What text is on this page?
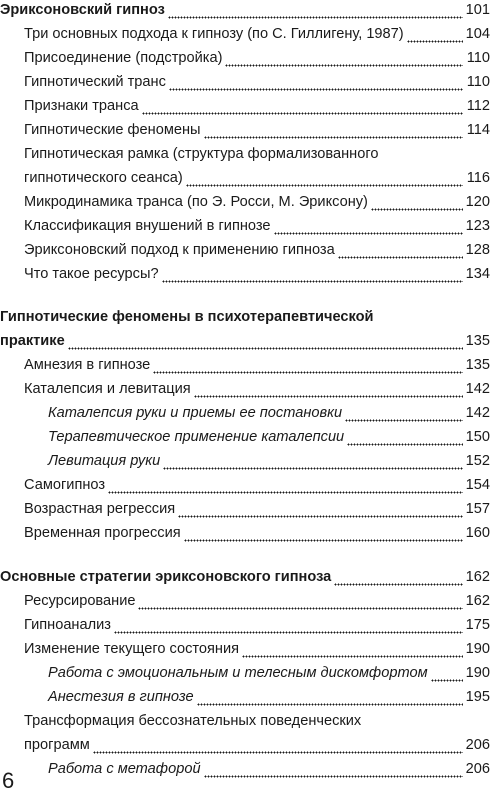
Эриксоновский гипноз	101
Три основных подхода к гипнозу (по С. Гиллигену, 1987)	104
Присоединение (подстройка)	110
Гипнотический транс	110
Признаки транса	112
Гипнотические феномены	114
Гипнотическая рамка (структура формализованного
гипнотического сеанса)	116
Микродинамика транса (по Э. Росси, М. Эриксону)	120
Классификация внушений в гипнозе	123
Эриксоновский подход к применению гипноза	128
Что такое ресурсы?	134
Гипнотические феномены в психотерапевтической
практике	135
Амнезия в гипнозе	135
Каталепсия и левитация	142
Каталепсия руки и приемы ее постановки	142
Терапевтическое применение каталепсии	150
Левитация руки	152
Самогипноз	154
Возрастная регрессия	157
Временная прогрессия	160
Основные стратегии эриксоновского гипноза	162
Ресурсирование	162
Гипноанализ	175
Изменение текущего состояния	190
Работа с эмоциональным и телесным дискомфортом	190
Анестезия в гипнозе	195
Трансформация бессознательных поведенческих
программ	206
Работа с метафорой	206
6
